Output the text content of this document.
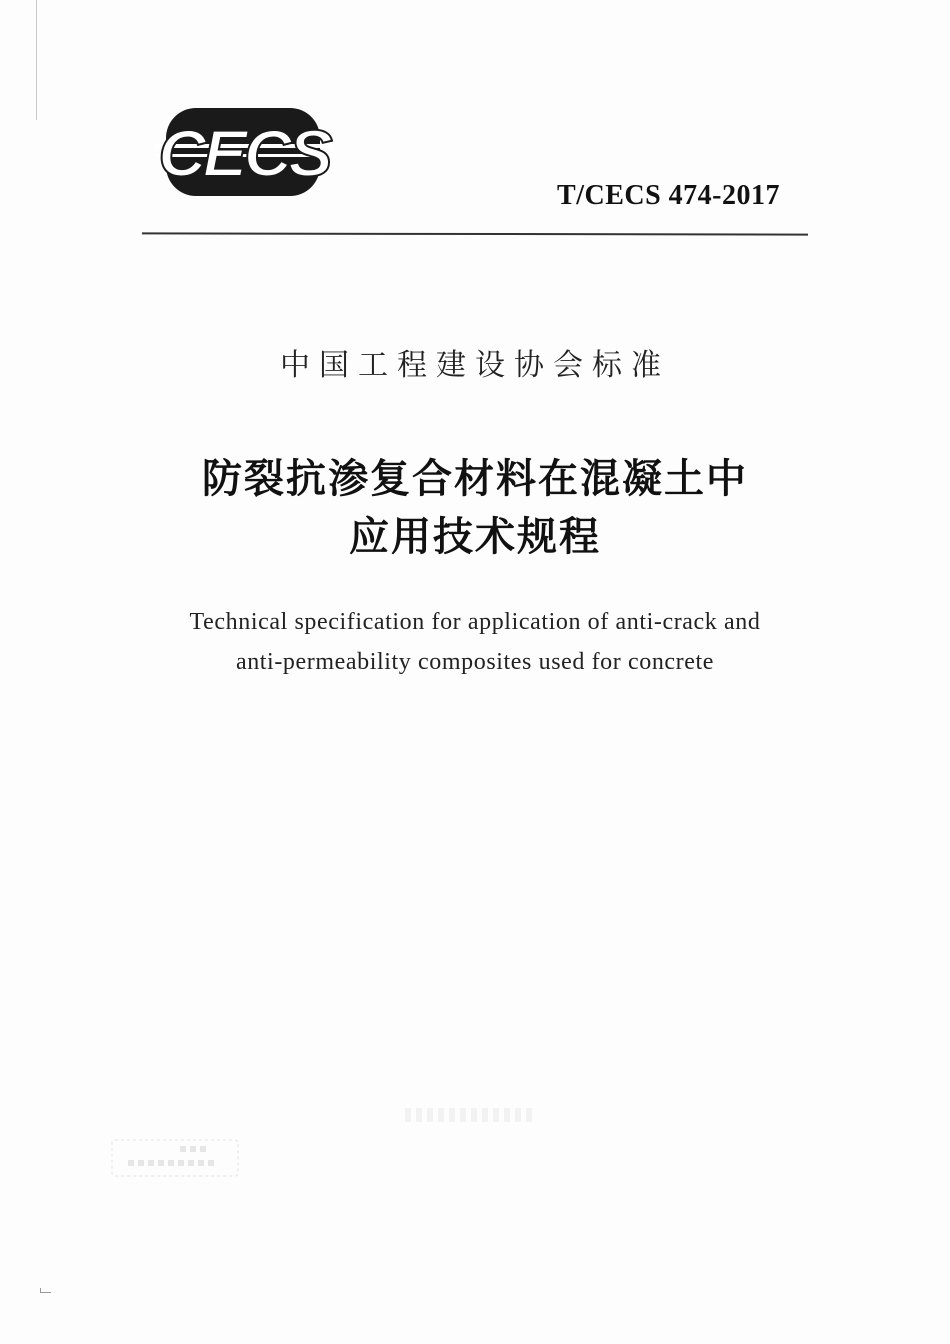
CECS
T/CECS 474-2017
中国工程建设协会标准
防裂抗渗复合材料在混凝土中
应用技术规程
Technical specification for application of anti-crack and
anti-permeability composites used for concrete
